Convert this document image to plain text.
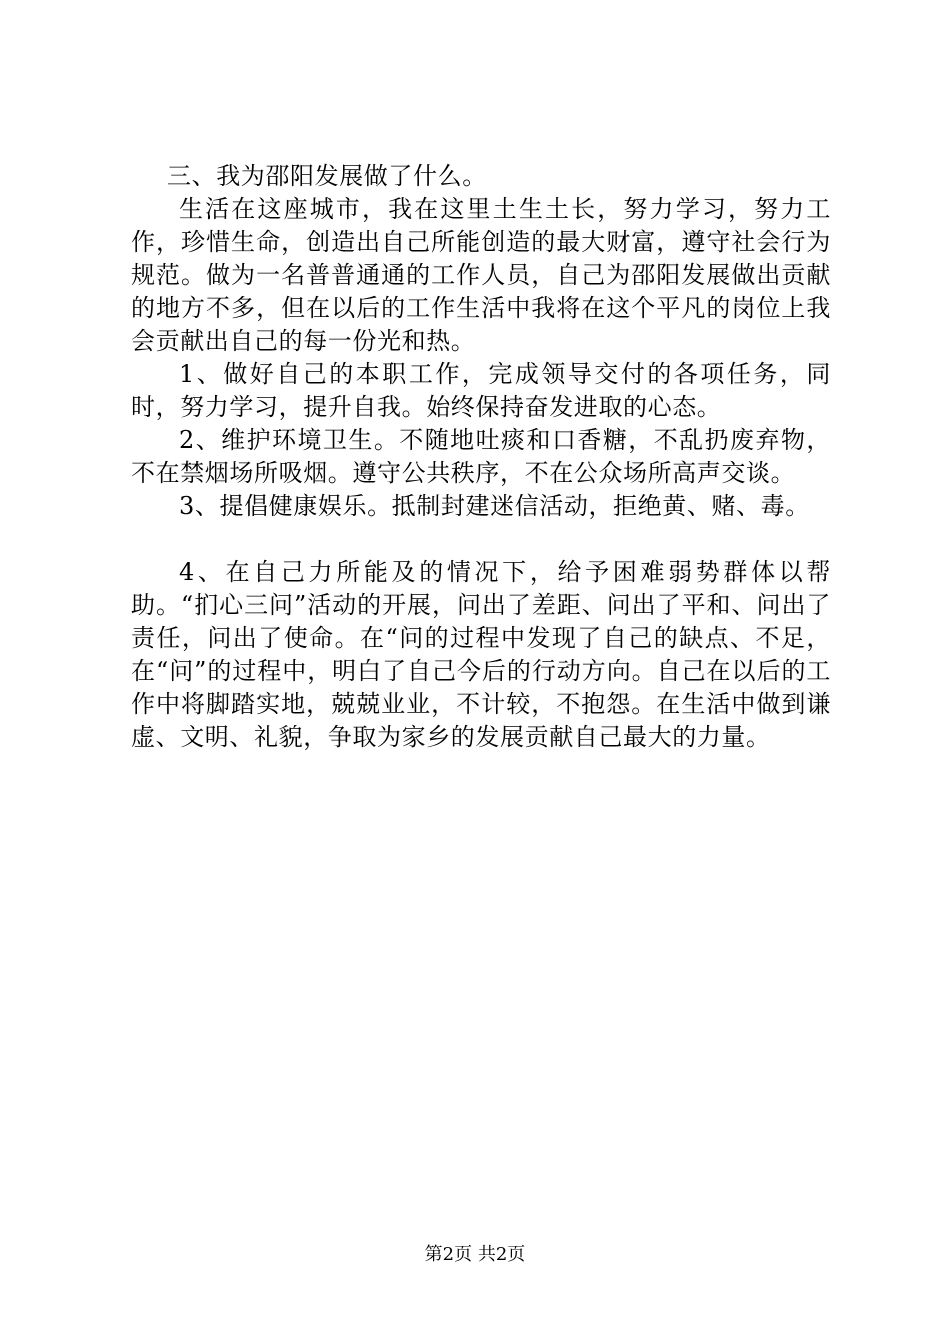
三、我为邵阳发展做了什么。

生活在这座城市，我在这里土生土长，努力学习，努力工作，珍惜生命，创造出自己所能创造的最大财富，遵守社会行为规范。做为一名普普通通的工作人员，自己为邵阳发展做出贡献的地方不多，但在以后的工作生活中我将在这个平凡的岗位上我会贡献出自己的每一份光和热。

1、做好自己的本职工作，完成领导交付的各项任务，同时，努力学习，提升自我。始终保持奋发进取的心态。

2、维护环境卫生。不随地吐痰和口香糖，不乱扔废弃物，不在禁烟场所吸烟。遵守公共秩序，不在公众场所高声交谈。

3、提倡健康娱乐。抵制封建迷信活动，拒绝黄、赌、毒。

4、在自己力所能及的情况下，给予困难弱势群体以帮助。“扪心三问”活动的开展，问出了差距、问出了平和、问出了责任，问出了使命。在“问的过程中发现了自己的缺点、不足，在“问”的过程中，明白了自己今后的行动方向。自己在以后的工作中将脚踏实地，兢兢业业，不计较，不抱怨。在生活中做到谦虚、文明、礼貌，争取为家乡的发展贡献自己最大的力量。

第2页 共2页
